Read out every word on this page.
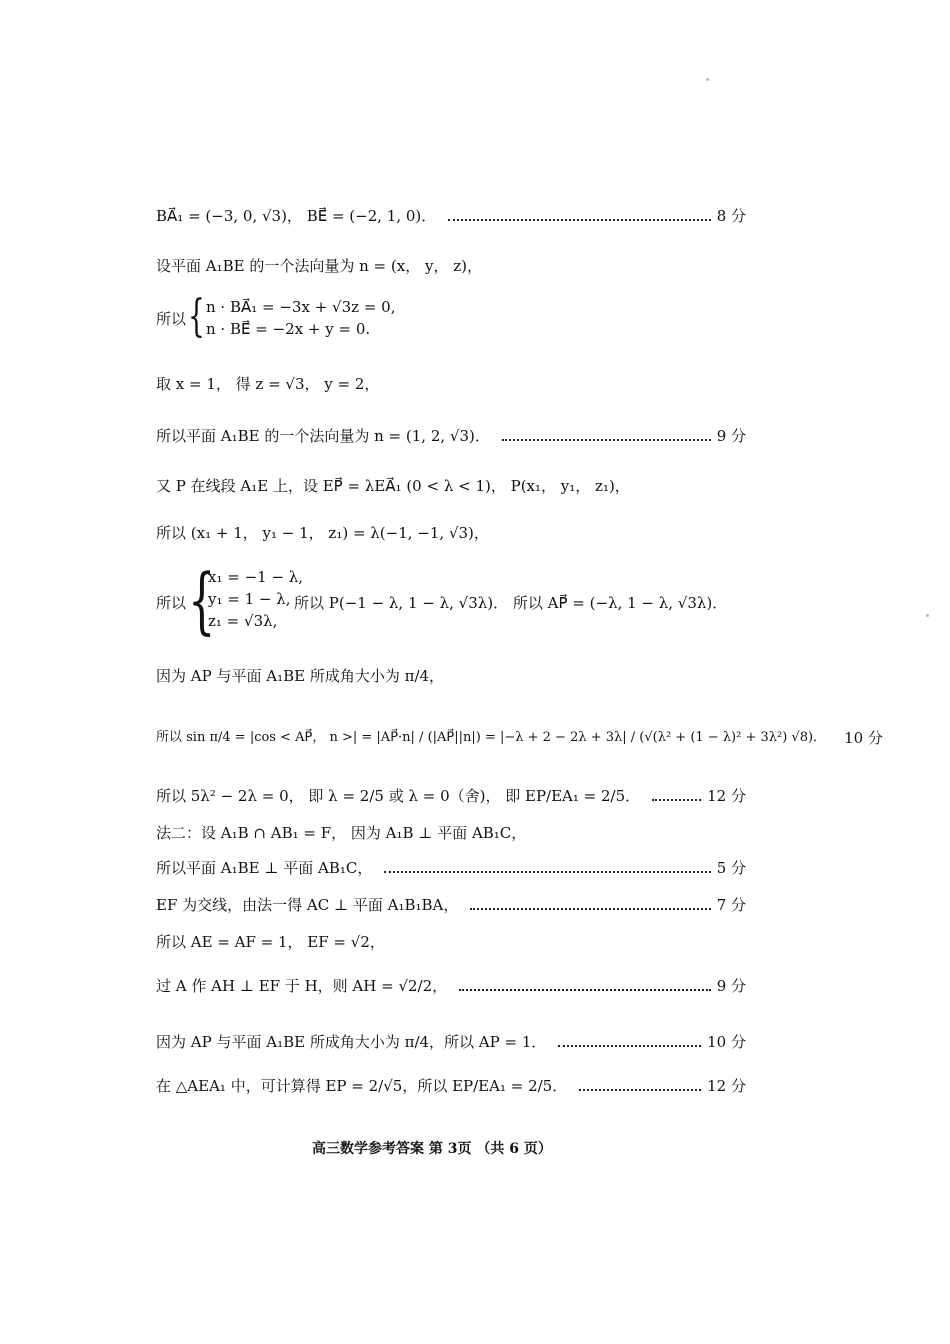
BA⃗₁ = (−3, 0, √3)， BE⃗ = (−2, 1, 0)．	8 分
设平面 A₁BE 的一个法向量为 n = (x， y， z)，
所以 { n · BA⃗₁ = −3x + √3z = 0,
n · BE⃗ = −2x + y = 0.
取 x = 1， 得 z = √3， y = 2，
所以平面 A₁BE 的一个法向量为 n = (1, 2, √3)．	9 分
又 P 在线段 A₁E 上，设 EP⃗ = λEA⃗₁ (0 < λ < 1)， P(x₁， y₁， z₁)，
所以 (x₁ + 1， y₁ − 1， z₁) = λ(−1, −1, √3)，
所以 {
x₁ = −1 − λ,
y₁ = 1 − λ,
z₁ = √3λ,
所以 P(−1 − λ, 1 − λ, √3λ)． 所以 AP⃗ = (−λ, 1 − λ, √3λ)．
因为 AP 与平面 A₁BE 所成角大小为 π/4，
所以 sin π/4 = |cos < AP⃗， n >| = |AP⃗·n| / (|AP⃗||n|) = |−λ + 2 − 2λ + 3λ| / (√(λ² + (1 − λ)² + 3λ²) √8)． 10 分
所以 5λ² − 2λ = 0， 即 λ = 2/5 或 λ = 0（舍)， 即 EP/EA₁ = 2/5．	12 分
法二：设 A₁B ∩ AB₁ = F， 因为 A₁B ⊥ 平面 AB₁C，
所以平面 A₁BE ⊥ 平面 AB₁C，	5 分
EF 为交线，由法一得 AC ⊥ 平面 A₁B₁BA，	7 分
所以 AE = AF = 1， EF = √2，
过 A 作 AH ⊥ EF 于 H，则 AH = √2/2，	9 分
因为 AP 与平面 A₁BE 所成角大小为 π/4，所以 AP = 1．	10 分
在 △AEA₁ 中，可计算得 EP = 2/√5，所以 EP/EA₁ = 2/5．	12 分
高三数学参考答案 第 3页 （共 6 页）
